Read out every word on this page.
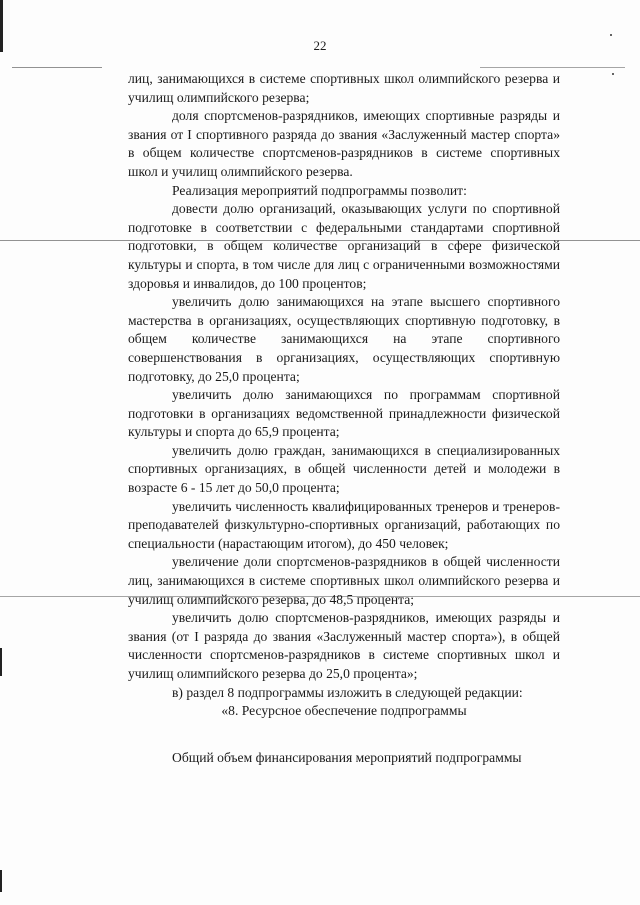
22

лиц, занимающихся в системе спортивных школ олимпийского резерва и училищ олимпийского резерва;

доля спортсменов-разрядников, имеющих спортивные разряды и звания от I спортивного разряда до звания «Заслуженный мастер спорта» в общем количестве спортсменов-разрядников в системе спортивных школ и училищ олимпийского резерва.

Реализация мероприятий подпрограммы позволит:

довести долю организаций, оказывающих услуги по спортивной подготовке в соответствии с федеральными стандартами спортивной подготовки, в общем количестве организаций в сфере физической культуры и спорта, в том числе для лиц с ограниченными возможностями здоровья и инвалидов, до 100 процентов;

увеличить долю занимающихся на этапе высшего спортивного мастерства в организациях, осуществляющих спортивную подготовку, в общем количестве занимающихся на этапе спортивного совершенствования в организациях, осуществляющих спортивную подготовку, до 25,0 процента;

увеличить долю занимающихся по программам спортивной подготовки в организациях ведомственной принадлежности физической культуры и спорта до 65,9 процента;

увеличить долю граждан, занимающихся в специализированных спортивных организациях, в общей численности детей и молодежи в возрасте 6 - 15 лет до 50,0 процента;

увеличить численность квалифицированных тренеров и тренеров-преподавателей физкультурно-спортивных организаций, работающих по специальности (нарастающим итогом), до 450 человек;

увеличение доли спортсменов-разрядников в общей численности лиц, занимающихся в системе спортивных школ олимпийского резерва и училищ олимпийского резерва, до 48,5 процента;

увеличить долю спортсменов-разрядников, имеющих разряды и звания (от I разряда до звания «Заслуженный мастер спорта»), в общей численности спортсменов-разрядников в системе спортивных школ и училищ олимпийского резерва до 25,0 процента»;

в) раздел 8 подпрограммы изложить в следующей редакции:

«8. Ресурсное обеспечение подпрограммы

Общий объем финансирования мероприятий подпрограммы
